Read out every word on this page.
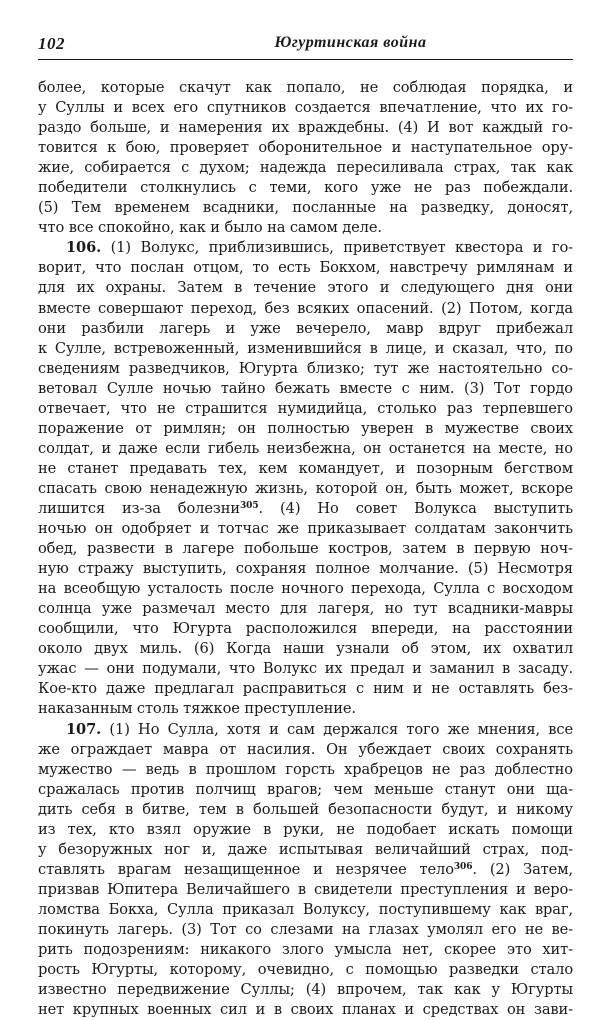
102	Югуртинская война
более, которые скачут как попало, не соблюдая порядка, и
у Суллы и всех его спутников создается впечатление, что их го-
раздо больше, и намерения их враждебны. (4) И вот каждый го-
товится к бою, проверяет оборонительное и наступательное ору-
жие, собирается с духом; надежда пересиливала страх, так как
победители столкнулись с теми, кого уже не раз побеждали.
(5) Тем временем всадники, посланные на разведку, доносят,
что все спокойно, как и было на самом деле.
106. (1) Волукс, приблизившись, приветствует квестора и го-
ворит, что послан отцом, то есть Бокхом, навстречу римлянам и
для их охраны. Затем в течение этого и следующего дня они
вместе совершают переход, без всяких опасений. (2) Потом, когда
они разбили лагерь и уже вечерело, мавр вдруг прибежал
к Сулле, встревоженный, изменившийся в лице, и сказал, что, по
сведениям разведчиков, Югурта близко; тут же настоятельно со-
ветовал Сулле ночью тайно бежать вместе с ним. (3) Тот гордо
отвечает, что не страшится нумидийца, столько раз терпевшего
поражение от римлян; он полностью уверен в мужестве своих
солдат, и даже если гибель неизбежна, он останется на месте, но
не станет предавать тех, кем командует, и позорным бегством
спасать свою ненадежную жизнь, которой он, быть может, вскоре
лишится из-за болезни$^{305}$. (4) Но совет Волукса выступить
ночью он одобряет и тотчас же приказывает солдатам закончить
обед, развести в лагере побольше костров, затем в первую ноч-
ную стражу выступить, сохраняя полное молчание. (5) Несмотря
на всеобщую усталость после ночного перехода, Сулла с восходом
солнца уже размечал место для лагеря, но тут всадники-мавры
сообщили, что Югурта расположился впереди, на расстоянии
около двух миль. (6) Когда наши узнали об этом, их охватил
ужас — они подумали, что Волукс их предал и заманил в засаду.
Кое-кто даже предлагал расправиться с ним и не оставлять без-
наказанным столь тяжкое преступление.
107. (1) Но Сулла, хотя и сам держался того же мнения, все
же ограждает мавра от насилия. Он убеждает своих сохранять
мужество — ведь в прошлом горсть храбрецов не раз доблестно
сражалась против полчищ врагов; чем меньше станут они ща-
дить себя в битве, тем в большей безопасности будут, и никому
из тех, кто взял оружие в руки, не подобает искать помощи
у безоружных ног и, даже испытывая величайший страх, под-
ставлять врагам незащищенное и незрячее тело$^{306}$. (2) Затем,
призвав Юпитера Величайшего в свидетели преступления и веро-
ломства Бокха, Сулла приказал Волуксу, поступившему как враг,
покинуть лагерь. (3) Тот со слезами на глазах умолял его не ве-
рить подозрениям: никакого злого умысла нет, скорее это хит-
рость Югурты, которому, очевидно, с помощью разведки стало
известно передвижение Суллы; (4) впрочем, так как у Югурты
нет крупных военных сил и в своих планах и средствах он зави-
